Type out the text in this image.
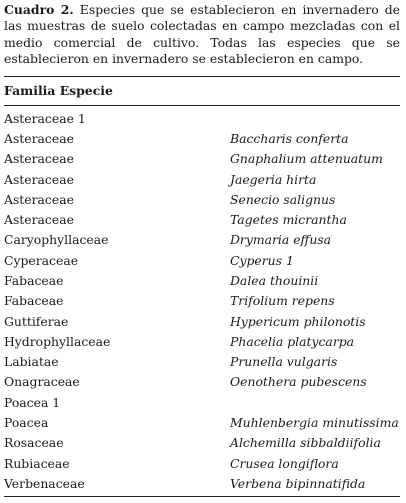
Cuadro 2. Especies que se establecieron en invernadero de las muestras de suelo colectadas en campo mezcladas con el medio comercial de cultivo. Todas las especies que se establecieron en invernadero se establecieron en campo.

Familia Especie
Asteraceae 1
Asteraceae	Baccharis conferta
Asteraceae	Gnaphalium attenuatum
Asteraceae	Jaegeria hirta
Asteraceae	Senecio salignus
Asteraceae	Tagetes micrantha
Caryophyllaceae	Drymaria effusa
Cyperaceae	Cyperus 1
Fabaceae	Dalea thouinii
Fabaceae	Trifolium repens
Guttiferae	Hypericum philonotis
Hydrophyllaceae	Phacelia platycarpa
Labiatae	Prunella vulgaris
Onagraceae	Oenothera pubescens
Poacea 1
Poacea	Muhlenbergia minutissima
Rosaceae	Alchemilla sibbaldiifolia
Rubiaceae	Crusea longiflora
Verbenaceae	Verbena bipinnatifida
